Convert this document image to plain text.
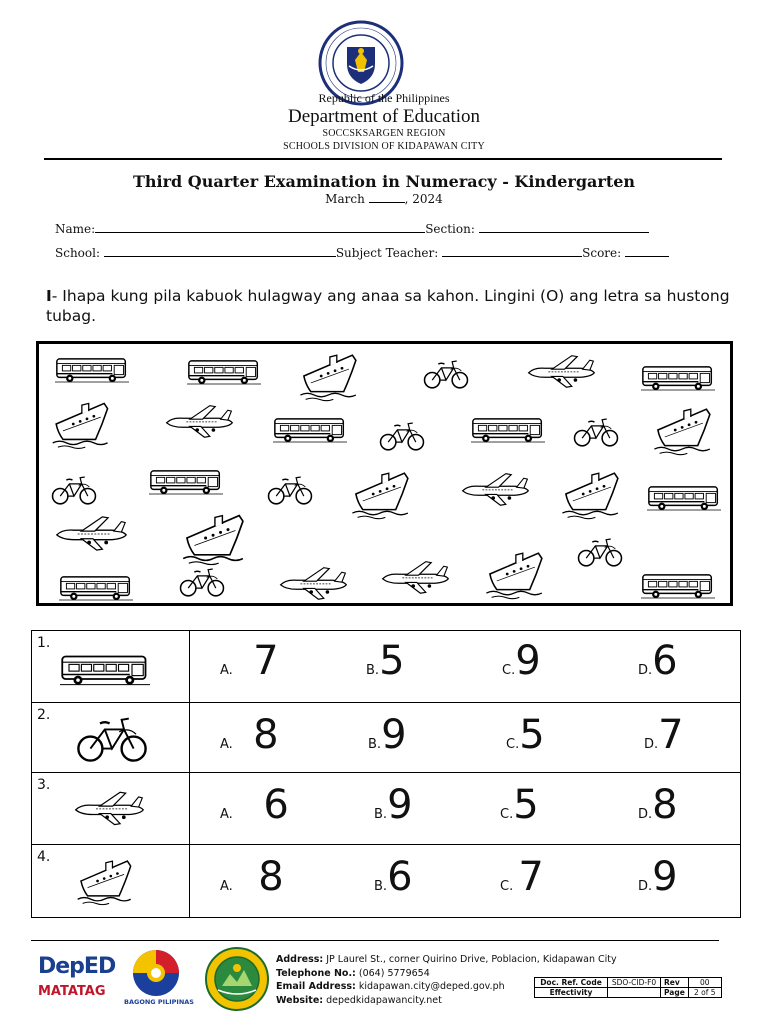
Republic of the Philippines
Department of Education
SOCCSKSARGEN REGION
SCHOOLS DIVISION OF KIDAPAWAN CITY
Third Quarter Examination in Numeracy - Kindergarten
March	, 2024
Name:	Section:
School:	Subject Teacher:	Score:
I- Ihapa kung pila kabuok hulagway ang anaa sa kahon. Lingini (O) ang letra sa hustong tubag.
1.	A. 7 B.5 C.9 D.6

2.	A. 8 B.9 C.5 D.7

3.	A. 6 B.9 C.5 D.8

4.	A. 8 B.6 C. 7 D.9
DepED
MATATAG
BAGONG PILIPINAS
Address: JP Laurel St., corner Quirino Drive, Poblacion, Kidapawan City
Telephone No.: (064) 5779654
Email Address: kidapawan.city@deped.gov.ph
Website: depedkidapawancity.net
Doc. Ref. Code	SDO-CID-F0	Rev	00
Effectivity		Page	2 of 5
